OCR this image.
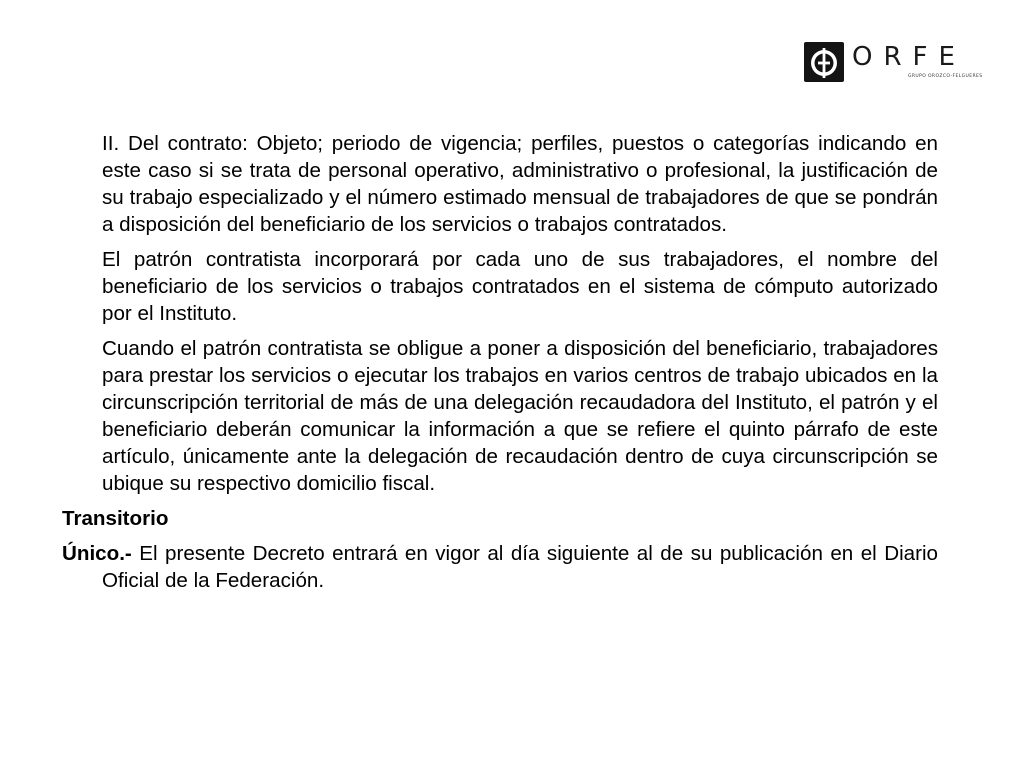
ORFE
GRUPO OROZCO-FELGUERES

II. Del contrato: Objeto; periodo de vigencia; perfiles, puestos o categorías indicando en este caso si se trata de personal operativo, administrativo o profesional, la justificación de su trabajo especializado y el número estimado mensual de trabajadores de que se pondrán a disposición del beneficiario de los servicios o trabajos contratados.

El patrón contratista incorporará por cada uno de sus trabajadores, el nombre del beneficiario de los servicios o trabajos contratados en el sistema de cómputo autorizado por el Instituto.

Cuando el patrón contratista se obligue a poner a disposición del beneficiario, trabajadores para prestar los servicios o ejecutar los trabajos en varios centros de trabajo ubicados en la circunscripción territorial de más de una delegación recaudadora del Instituto, el patrón y el beneficiario deberán comunicar la información a que se refiere el quinto párrafo de este artículo, únicamente ante la delegación de recaudación dentro de cuya circunscripción se ubique su respectivo domicilio fiscal.

Transitorio

Único.- El presente Decreto entrará en vigor al día siguiente al de su publicación en el Diario Oficial de la Federación.
